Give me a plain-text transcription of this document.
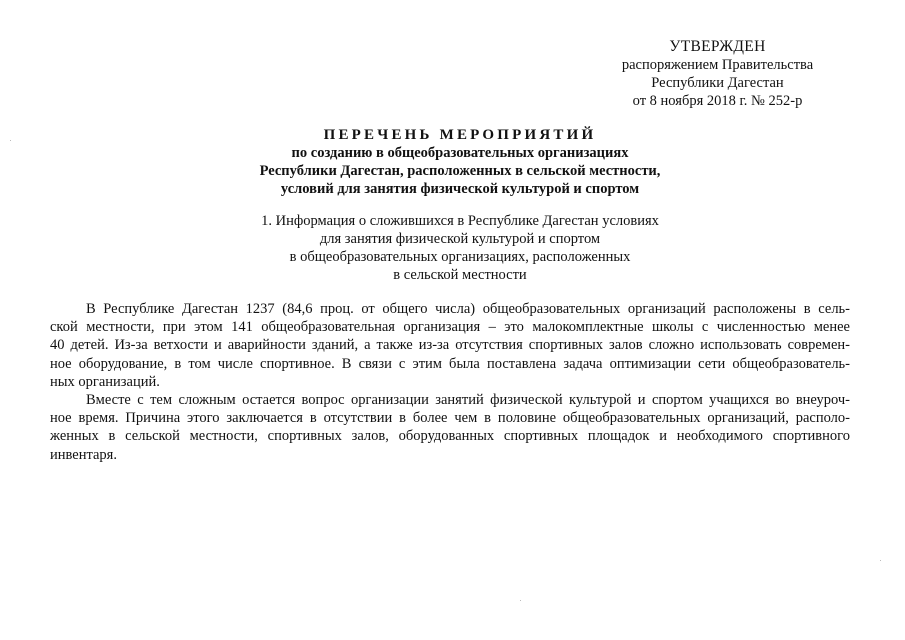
УТВЕРЖДЕН
распоряжением Правительства
Республики Дагестан
от 8 ноября 2018 г. № 252-р
ПЕРЕЧЕНЬ МЕРОПРИЯТИЙ
по созданию в общеобразовательных организациях
Республики Дагестан, расположенных в сельской местности,
условий для занятия физической культурой и спортом
1. Информация о сложившихся в Республике Дагестан условиях
для занятия физической культурой и спортом
в общеобразовательных организациях, расположенных
в сельской местности
В Республике Дагестан 1237 (84,6 проц. от общего числа) общеобразовательных организаций расположены в сель-
ской местности, при этом 141 общеобразовательная организация – это малокомплектные школы с численностью менее
40 детей. Из-за ветхости и аварийности зданий, а также из-за отсутствия спортивных залов сложно использовать современ-
ное оборудование, в том числе спортивное. В связи с этим была поставлена задача оптимизации сети общеобразователь-
ных организаций.
Вместе с тем сложным остается вопрос организации занятий физической культурой и спортом учащихся во внеуроч-
ное время. Причина этого заключается в отсутствии в более чем в половине общеобразовательных организаций, располо-
женных в сельской местности, спортивных залов, оборудованных спортивных площадок и необходимого спортивного
инвентаря.
